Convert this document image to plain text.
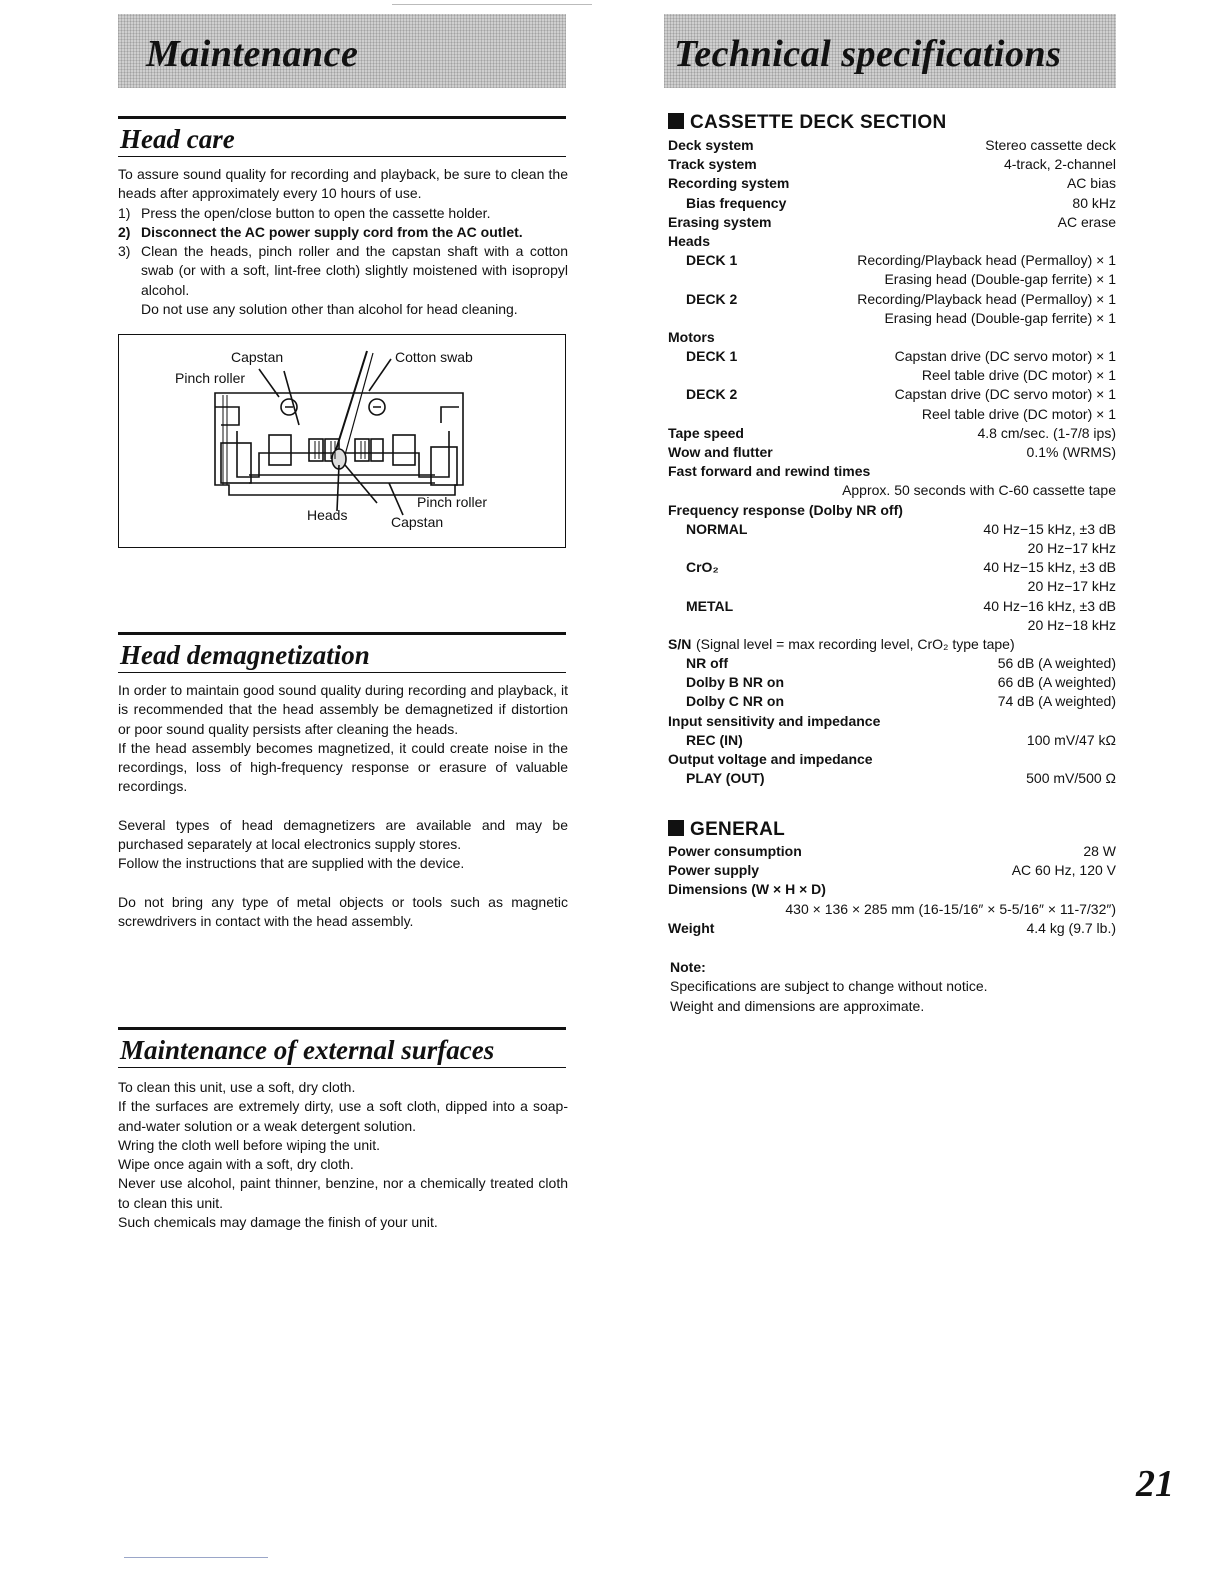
Maintenance
Head care

To assure sound quality for recording and playback, be sure to clean the heads after approximately every 10 hours of use.

1) Press the open/close button to open the cassette holder.
2) Disconnect the AC power supply cord from the AC outlet.
3) Clean the heads, pinch roller and the capstan shaft with a cotton swab (or with a soft, lint-free cloth) slightly moistened with isopropyl alcohol.
Do not use any solution other than alcohol for head cleaning.
Capstan
Pinch roller
Cotton swab
Heads
Pinch roller
Capstan
Head demagnetization

In order to maintain good sound quality during recording and playback, it is recommended that the head assembly be demagnetized if distortion or poor sound quality persists after cleaning the heads.

If the head assembly becomes magnetized, it could create noise in the recordings, loss of high-frequency response or erasure of valuable recordings.

Several types of head demagnetizers are available and may be purchased separately at local electronics supply stores.

Follow the instructions that are supplied with the device.

Do not bring any type of metal objects or tools such as magnetic screwdrivers in contact with the head assembly.

Maintenance of external surfaces

To clean this unit, use a soft, dry cloth.

If the surfaces are extremely dirty, use a soft cloth, dipped into a soap-and-water solution or a weak detergent solution.

Wring the cloth well before wiping the unit.

Wipe once again with a soft, dry cloth.

Never use alcohol, paint thinner, benzine, nor a chemically treated cloth to clean this unit.

Such chemicals may damage the finish of your unit.

Technical specifications
CASSETTE DECK SECTION
Deck system	Stereo cassette deck
Track system	4-track, 2-channel
Recording system	AC bias
Bias frequency	80 kHz
Erasing system	AC erase
Heads
DECK 1	Recording/Playback head (Permalloy) × 1
Erasing head (Double-gap ferrite) × 1
DECK 2	Recording/Playback head (Permalloy) × 1
Erasing head (Double-gap ferrite) × 1
Motors
DECK 1	Capstan drive (DC servo motor) × 1
Reel table drive (DC motor) × 1
DECK 2	Capstan drive (DC servo motor) × 1
Reel table drive (DC motor) × 1
Tape speed	4.8 cm/sec. (1-7/8 ips)
Wow and flutter	0.1% (WRMS)
Fast forward and rewind times
Approx. 50 seconds with C-60 cassette tape
Frequency response (Dolby NR off)
NORMAL	40 Hz−15 kHz, ±3 dB
20 Hz−17 kHz
CrO₂	40 Hz−15 kHz, ±3 dB
20 Hz−17 kHz
METAL	40 Hz−16 kHz, ±3 dB
20 Hz−18 kHz
S/N (Signal level = max recording level, CrO₂ type tape)
NR off	56 dB (A weighted)
Dolby B NR on	66 dB (A weighted)
Dolby C NR on	74 dB (A weighted)
Input sensitivity and impedance
REC (IN)	100 mV/47 kΩ
Output voltage and impedance
PLAY (OUT)	500 mV/500 Ω
GENERAL
Power consumption	28 W
Power supply	AC 60 Hz, 120 V
Dimensions (W × H × D)
430 × 136 × 285 mm (16-15/16″ × 5-5/16″ × 11-7/32″)
Weight	4.4 kg (9.7 lb.)

Note:

Specifications are subject to change without notice.

Weight and dimensions are approximate.

21
